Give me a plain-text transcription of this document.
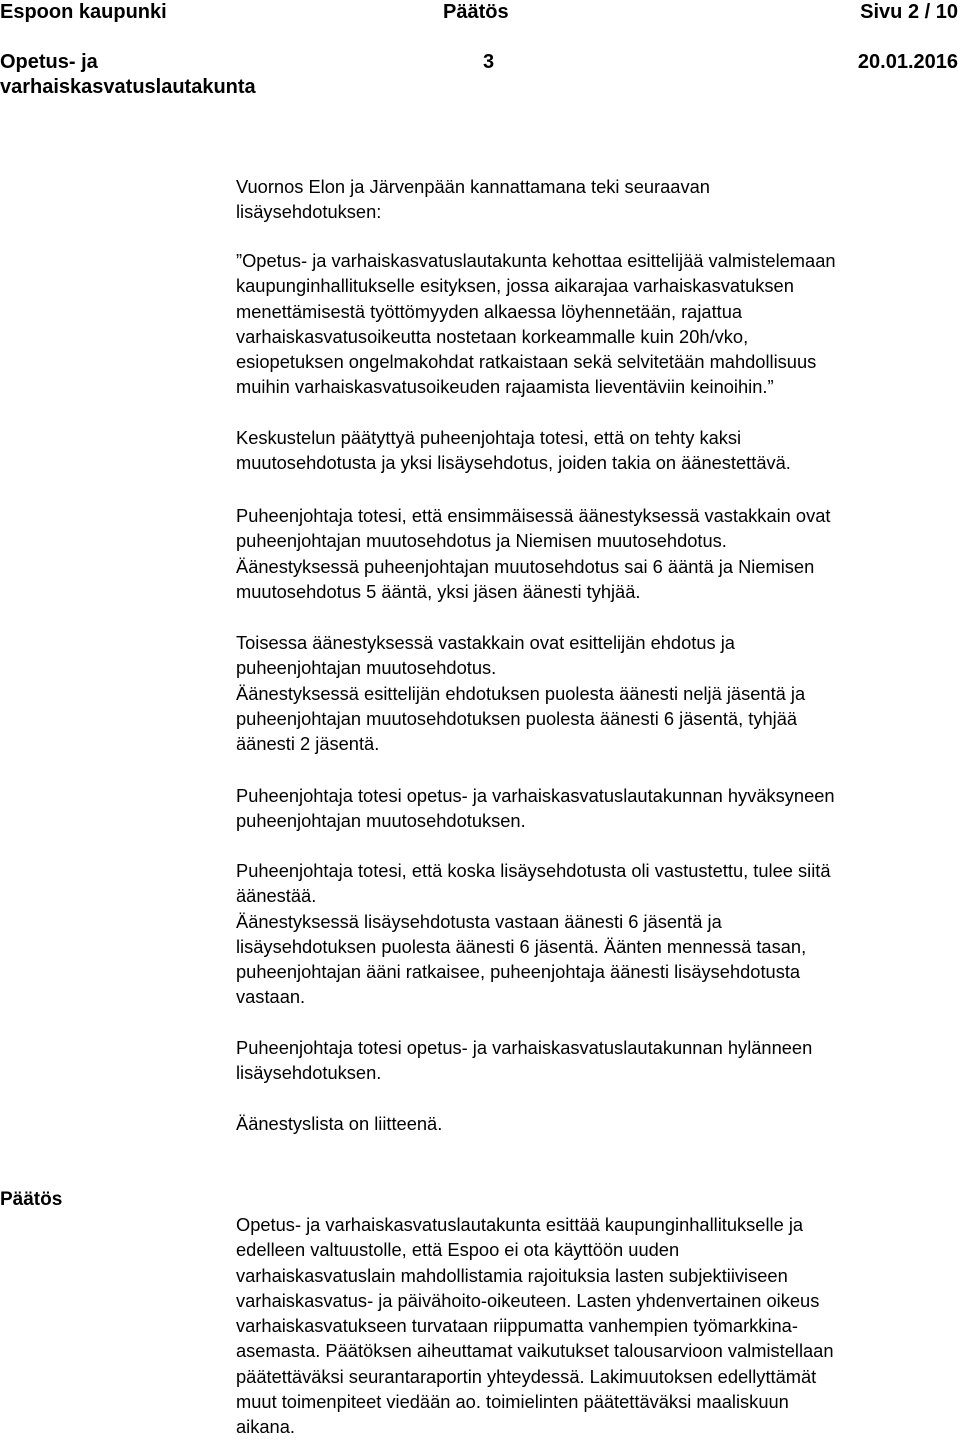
Espoon kaupunki	Päätös	Sivu 2 / 10
Opetus- ja
varhaiskasvatuslautakunta
3	20.01.2016

Vuornos Elon ja Järvenpään kannattamana teki seuraavan
lisäysehdotuksen:

”Opetus- ja varhaiskasvatuslautakunta kehottaa esittelijää valmistelemaan
kaupunginhallitukselle esityksen, jossa aikarajaa varhaiskasvatuksen
menettämisestä työttömyyden alkaessa löyhennetään, rajattua
varhaiskasvatusoikeutta nostetaan korkeammalle kuin 20h/vko,
esiopetuksen ongelmakohdat ratkaistaan sekä selvitetään mahdollisuus
muihin varhaiskasvatusoikeuden rajaamista lieventäviin keinoihin.”

Keskustelun päätyttyä puheenjohtaja totesi, että on tehty kaksi
muutosehdotusta ja yksi lisäysehdotus, joiden takia on äänestettävä.

Puheenjohtaja totesi, että ensimmäisessä äänestyksessä vastakkain ovat
puheenjohtajan muutosehdotus ja Niemisen muutosehdotus.
Äänestyksessä puheenjohtajan muutosehdotus sai 6 ääntä ja Niemisen
muutosehdotus 5 ääntä, yksi jäsen äänesti tyhjää.

Toisessa äänestyksessä vastakkain ovat esittelijän ehdotus ja
puheenjohtajan muutosehdotus.
Äänestyksessä esittelijän ehdotuksen puolesta äänesti neljä jäsentä ja
puheenjohtajan muutosehdotuksen puolesta äänesti 6 jäsentä, tyhjää
äänesti 2 jäsentä.

Puheenjohtaja totesi opetus- ja varhaiskasvatuslautakunnan hyväksyneen
puheenjohtajan muutosehdotuksen.

Puheenjohtaja totesi, että koska lisäysehdotusta oli vastustettu, tulee siitä
äänestää.
Äänestyksessä lisäysehdotusta vastaan äänesti 6 jäsentä ja
lisäysehdotuksen puolesta äänesti 6 jäsentä. Äänten mennessä tasan,
puheenjohtajan ääni ratkaisee, puheenjohtaja äänesti lisäysehdotusta
vastaan.

Puheenjohtaja totesi opetus- ja varhaiskasvatuslautakunnan hylänneen
lisäysehdotuksen.

Äänestyslista on liitteenä.

Päätös

Opetus- ja varhaiskasvatuslautakunta esittää kaupunginhallitukselle ja
edelleen valtuustolle, että Espoo ei ota käyttöön uuden
varhaiskasvatuslain mahdollistamia rajoituksia lasten subjektiiviseen
varhaiskasvatus- ja päivähoito-oikeuteen. Lasten yhdenvertainen oikeus
varhaiskasvatukseen turvataan riippumatta vanhempien työmarkkina-
asemasta. Päätöksen aiheuttamat vaikutukset talousarvioon valmistellaan
päätettäväksi seurantaraportin yhteydessä. Lakimuutoksen edellyttämät
muut toimenpiteet viedään ao. toimielinten päätettäväksi maaliskuun
aikana.
